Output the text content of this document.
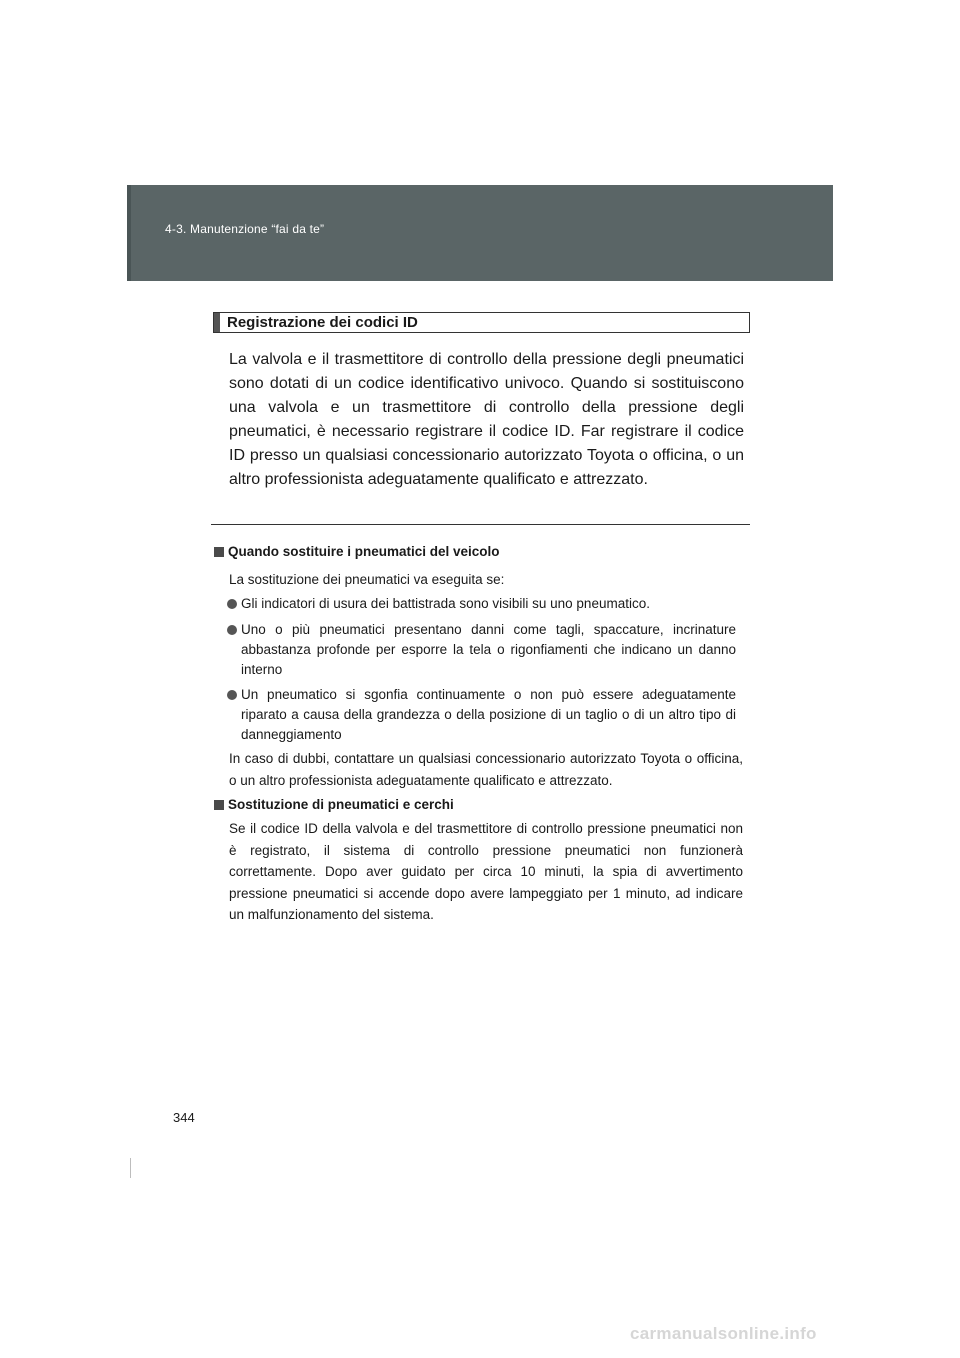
4-3. Manutenzione “fai da te”
Registrazione dei codici ID

La valvola e il trasmettitore di controllo della pressione degli pneumatici sono dotati di un codice identificativo univoco. Quando si sostituiscono una valvola e un trasmettitore di controllo della pressione degli pneumatici, è necessario registrare il codice ID. Far registrare il codice ID presso un qualsiasi concessionario autorizzato Toyota o officina, o un altro professionista adeguatamente qualificato e attrezzato.

Quando sostituire i pneumatici del veicolo

La sostituzione dei pneumatici va eseguita se:

Gli indicatori di usura dei battistrada sono visibili su uno pneumatico.

Uno o più pneumatici presentano danni come tagli, spaccature, incrinature abbastanza profonde per esporre la tela o rigonfiamenti che indicano un danno interno

Un pneumatico si sgonfia continuamente o non può essere adeguatamente riparato a causa della grandezza o della posizione di un taglio o di un altro tipo di danneggiamento

In caso di dubbi, contattare un qualsiasi concessionario autorizzato Toyota o officina, o un altro professionista adeguatamente qualificato e attrezzato.

Sostituzione di pneumatici e cerchi

Se il codice ID della valvola e del trasmettitore di controllo pressione pneumatici non è registrato, il sistema di controllo pressione pneumatici non funzionerà correttamente. Dopo aver guidato per circa 10 minuti, la spia di avvertimento pressione pneumatici si accende dopo avere lampeggiato per 1 minuto, ad indicare un malfunzionamento del sistema.

344
carmanualsonline.info
